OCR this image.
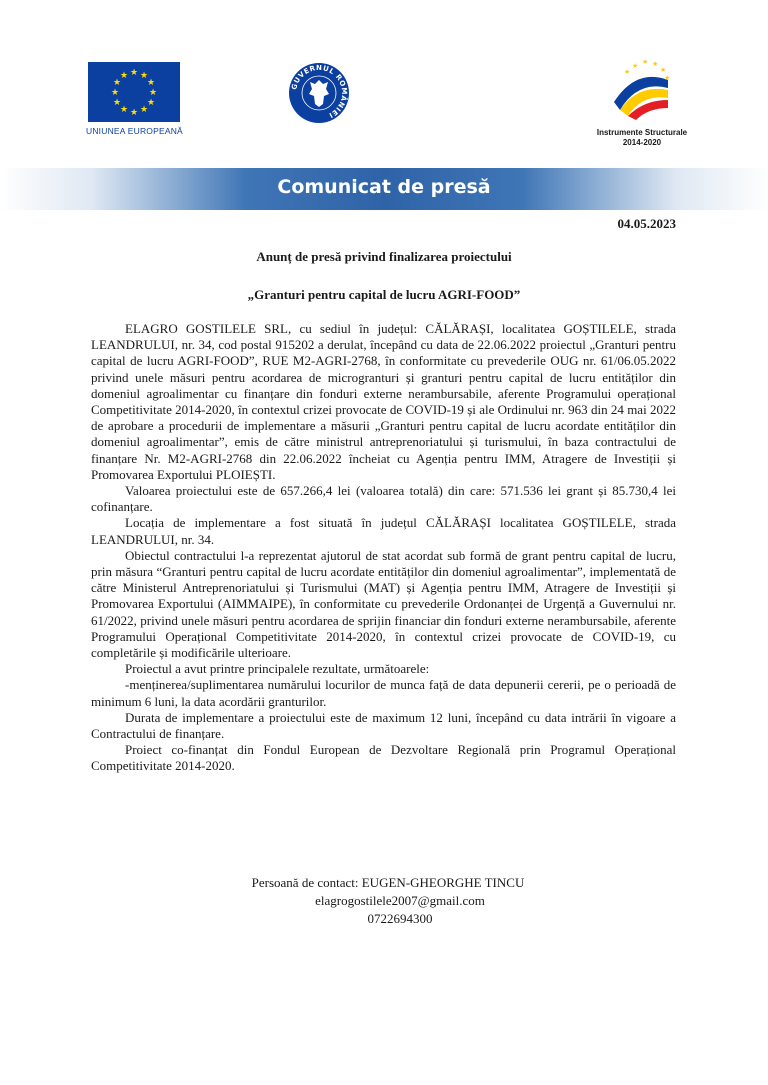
★ ★
★
★
★
★
★
★
★
★
★
★
UNIUNEA EUROPEANĂ
GUVERNUL ROMÂNIEI
★ ★ ★
★
★
★
Instrumente Structurale
2014-2020
Comunicat de presă
04.05.2023
Anunț de presă privind finalizarea proiectului
„Granturi pentru capital de lucru AGRI-FOOD”

ELAGRO GOSTILELE SRL, cu sediul în județul: CĂLĂRAȘI, localitatea GOȘTILELE, strada LEANDRULUI, nr. 34, cod postal 915202 a derulat, începând cu data de 22.06.2022 proiectul „Granturi pentru capital de lucru AGRI-FOOD”, RUE M2-AGRI-2768, în conformitate cu prevederile OUG nr. 61/06.05.2022 privind unele măsuri pentru acordarea de microgranturi și granturi pentru capital de lucru entităților din domeniul agroalimentar cu finanțare din fonduri externe nerambursabile, aferente Programului operațional Competitivitate 2014-2020, în contextul crizei provocate de COVID-19 și ale Ordinului nr. 963 din 24 mai 2022 de aprobare a procedurii de implementare a măsurii „Granturi pentru capital de lucru acordate entităților din domeniul agroalimentar”, emis de către ministrul antreprenoriatului și turismului, în baza contractului de finanțare Nr. M2-AGRI-2768 din 22.06.2022 încheiat cu Agenția pentru IMM, Atragere de Investiții și Promovarea Exportului PLOIEȘTI.

Valoarea proiectului este de 657.266,4 lei (valoarea totală) din care: 571.536 lei grant și 85.730,4 lei cofinanțare.

Locația de implementare a fost situată în județul CĂLĂRAȘI localitatea GOȘTILELE, strada LEANDRULUI, nr. 34.

Obiectul contractului l-a reprezentat ajutorul de stat acordat sub formă de grant pentru capital de lucru, prin măsura “Granturi pentru capital de lucru acordate entităților din domeniul agroalimentar”, implementată de către Ministerul Antreprenoriatului și Turismului (MAT) și Agenția pentru IMM, Atragere de Investiții și Promovarea Exportului (AIMMAIPE), în conformitate cu prevederile Ordonanței de Urgență a Guvernului nr. 61/2022, privind unele măsuri pentru acordarea de sprijin financiar din fonduri externe nerambursabile, aferente Programului Operațional Competitivitate 2014-2020, în contextul crizei provocate de COVID-19, cu completările și modificările ulterioare.

Proiectul a avut printre principalele rezultate, următoarele:

-menținerea/suplimentarea numărului locurilor de munca față de data depunerii cererii, pe o perioadă de minimum 6 luni, la data acordării granturilor.

Durata de implementare a proiectului este de maximum 12 luni, începând cu data intrării în vigoare a Contractului de finanțare.

Proiect co-finanțat din Fondul European de Dezvoltare Regională prin Programul Operațional Competitivitate 2014-2020.

Persoană de contact: EUGEN-GHEORGHE TINCU
elagrogostilele2007@gmail.com
0722694300
